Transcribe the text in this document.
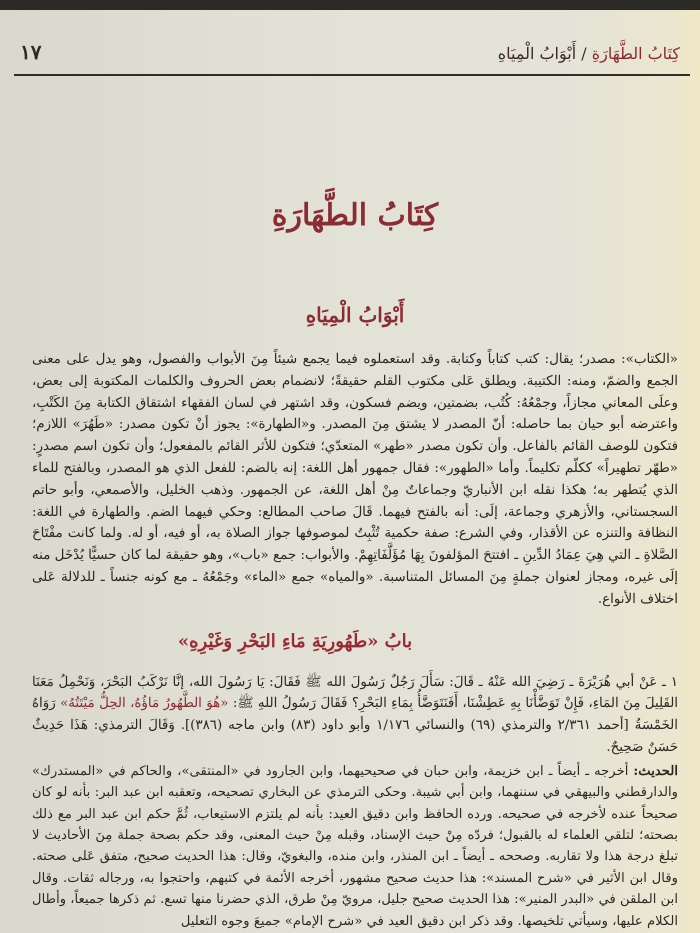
كِتَابُ الطَّهَارَةِ / أَبْوَابُ الْمِيَاهِ
١٧
كِتَابُ الطَّهَارَةِ
أَبْوَابُ الْمِيَاهِ

«الكتاب»: مصدر؛ يقال: كتب كتاباً وكتابة. وقد استعملوه فيما يجمع شيئاً مِنَ الأبواب والفصول، وهو يدل على معنى الجمع والضمّ، ومنه: الكتيبة. ويطلق عَلى مكتوب القلم حقيقةً؛ لانضمام بعض الحروف والكلمات المكتوبة إلى بعض، وعلَى المعاني مجازاً، وجمْعُهُ: كُتُب، بضمتين، ويضم فسكون، وقد اشتهر في لسان الفقهاء اشتقاق الكتابة مِنَ الكَتْبِ، واعترضه أبو حيان بما حاصله: أنّ المصدر لا يشتق مِنَ المصدر. و«الطهارة»: يجوز أنْ تكون مصدر: «طَهُرَ» اللازم؛ فتكون للوصف القائم بالفاعل. وأن تكون مصدر «طهر» المتعدّي؛ فتكون للأثر القائم بالمفعول؛ وأن تكون اسم مصدرٍ: «طهّر تطهيراً» ككلّم تكليماً. وأما «الطهور»: فقال جمهور أهل اللغة: إنه بالضم: للفعل الذي هو المصدر، وبالفتح للماء الذي يُتطهر به؛ هكذا نقله ابن الأنباريّ وجماعاتٌ مِنْ أهل اللغة، عن الجمهور. وذهب الخليل، والأصمعي، وأبو حاتم السجستاني، والأزهري وجماعة، إلَى: أنه بالفتح فيهما. قَالَ صاحب المطالع: وحكي فيهما الضم. والطهارة في اللغة: النظافة والتنزه عن الأقذار، وفي الشرع: صفة حكمية تُثْبِتُ لموصوفها جواز الصلاة به، أو فيه، أو له. ولما كانت مفْتَاحَ الصَّلاةِ ـ التي هِيَ عِمَادُ الدِّينِ ـ افتتحَ المؤلفونَ بِهَا مُؤَلَّفَاتِهِمْ. والأبواب: جمع «باب»، وهو حقيقة لما كان حسيًّا يُدْخَل منه إلَى غيره، ومجاز لعنوان جملةٍ مِنَ المسائل المتناسبة. «والمياه» جمع «الماء» وجَمْعُهُ ـ مع كونه جنساً ـ للدلالة عَلى اختلاف الأنواع.

بابُ «طَهُورِيَةِ مَاءِ البَحْرِ وَغَيْرِهِ»
١ ـ عَنْ أبي هُرَيْرَةَ ـ رَضِيَ الله عَنْهُ ـ قَالَ: سَأَلَ رَجُلٌ رَسُولَ الله ﷺ فَقَالَ: يَا رَسُولَ الله، إنَّا نَرْكَبُ البَحْرَ، وَنَحْمِلُ مَعَنَا القَلِيلَ مِنَ المَاءِ، فَإِنْ تَوَضَّأْنَا بِهِ عَطِشْنَا، أَفَنَتَوَضَّأُ بِمَاءِ البَحْرِ؟ فَقَالَ رَسُولُ اللهِ ﷺ: «هُوَ الطَّهُورُ مَاؤُهُ، الحِلُّ مَيْتَتُهُ» رَوَاهُ الخَمْسَةُ [أحمد ٢/٣٦١ والترمذي (٦٩) والنسائي ١/١٧٦ وأبو داود (٨٣) وابن ماجه (٣٨٦)]. وَقَالَ الترمذي: هَذَا حَدِيثٌ حَسَنٌ صَحِيحٌ.
الحديث: أخرجه ـ أيضاً ـ ابن خزيمة، وابن حبان في صحيحيهما، وابن الجارود في «المنتقى»، والحاكم في «المستدرك» والدارقطني والبيهقي في سننهما، وابن أبي شيبة. وحكى الترمذي عن البخاري تصحيحه، وتعقبه ابن عبد البر: بأنه لو كان صحيحاً عنده لأخرجه في صحيحه. ورده الحافظ وابن دقيق العيد: بأنه لم يلتزم الاستيعاب، ثُمَّ حكم ابن عبد البر مع ذلك بصحته؛ لتلقي العلماء له بالقبول؛ فردّه مِنْ حيث الإسناد، وقبله مِنْ حيث المعنى، وقد حكم بصحة جملة مِنَ الأحاديث لا تبلغ درجة هذا ولا تقاربه. وصححه ـ أيضاً ـ ابن المنذر، وابن منده، والبغويّ، وقال: هذا الحديث صحيح، متفق عَلى صحته. وقال ابن الأثير في «شرح المسند»: هذا حديث صحيح مشهور، أخرجه الأئمة في كتبهم، واحتجوا به، ورجاله ثقات. وقال ابن الملقن في «البدر المنير»: هذا الحديث صحيح جليل، مرويّ مِنْ طرق، الذي حضرنا منها تسع. ثم ذكرها جميعاً، وأطال الكلام عليها، وسيأتي تلخيصها. وقد ذكر ابن دقيق العيد في «شرح الإمام» جميعَ وجوه التعليل
